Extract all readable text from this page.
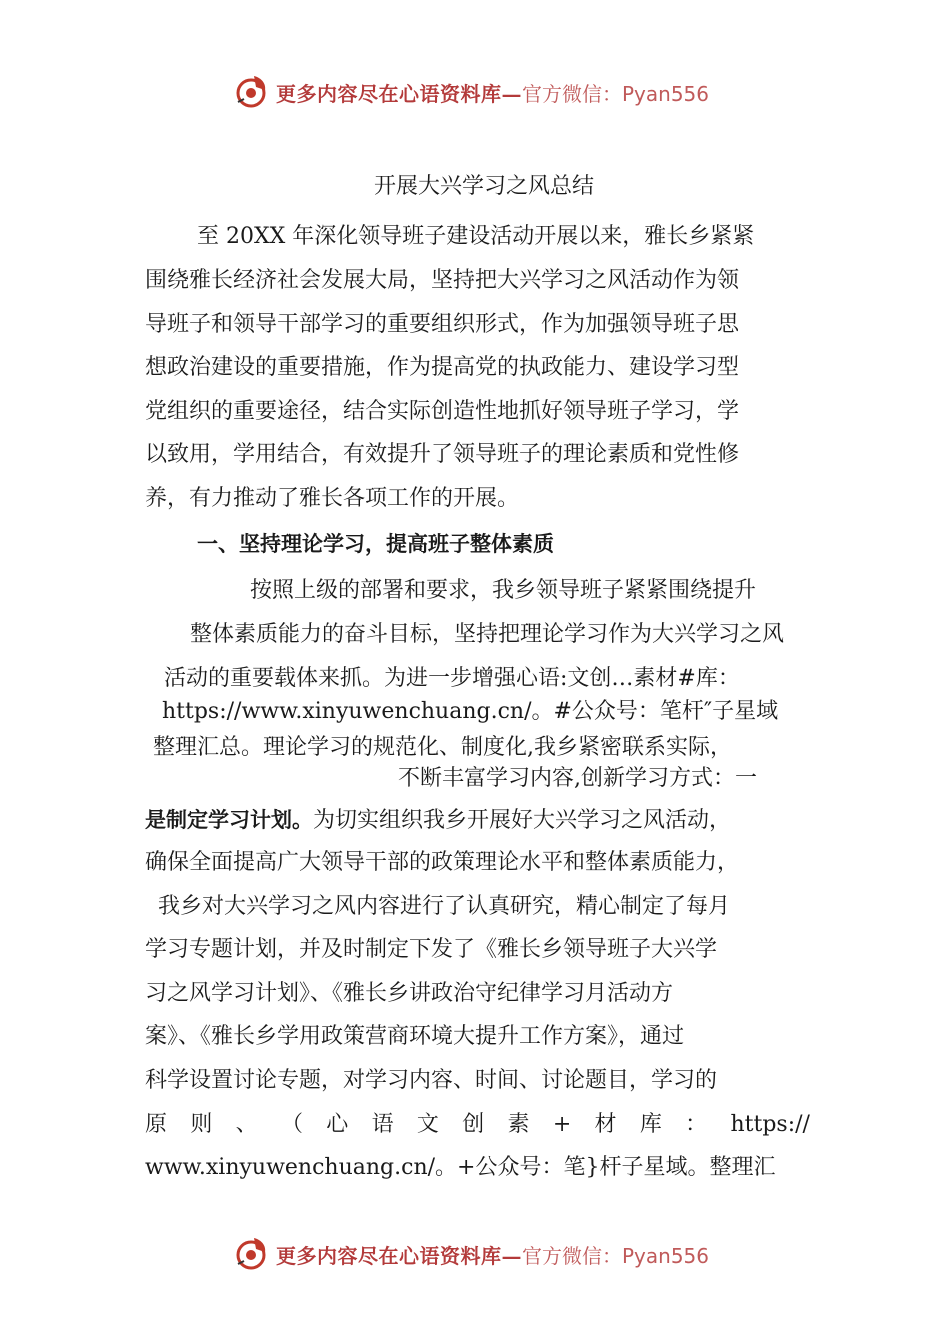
更多内容尽在心语资料库— 官方微信：Pyan556
开展大兴学习之风总结
至 20XX 年深化领导班子建设活动开展以来，雅长乡紧紧
围绕雅长经济社会发展大局，坚持把大兴学习之风活动作为领
导班子和领导干部学习的重要组织形式，作为加强领导班子思
想政治建设的重要措施，作为提高党的执政能力、建设学习型
党组织的重要途径，结合实际创造性地抓好领导班子学习，学
以致用，学用结合，有效提升了领导班子的理论素质和党性修
养，有力推动了雅长各项工作的开展。
一、坚持理论学习，提高班子整体素质
按照上级的部署和要求，我乡领导班子紧紧围绕提升
整体素质能力的奋斗目标，坚持把理论学习作为大兴学习之风
活动的重要载体来抓。为进一步增强心语:文创…素材#库：
https://www.xinyuwenchuang.cn/。#公众号：笔杆″子星域
整理汇总。理论学习的规范化、制度化,我乡紧密联系实际，
不断丰富学习内容,创新学习方式：一
是制定学习计划。为切实组织我乡开展好大兴学习之风活动，
确保全面提高广大领导干部的政策理论水平和整体素质能力，
我乡对大兴学习之风内容进行了认真研究，精心制定了每月
学习专题计划，并及时制定下发了《雅长乡领导班子大兴学
习之风学习计划》、《雅长乡讲政治守纪律学习月活动方
案》、《雅长乡学用政策营商环境大提升工作方案》，通过
科学设置讨论专题，对学习内容、时间、讨论题目，学习的
原 则 、 （ 心 语 文 创 素 + 材 库 ： https://
www.xinyuwenchuang.cn/。+公众号：笔}杆子星域。整理汇
更多内容尽在心语资料库— 官方微信：Pyan556
